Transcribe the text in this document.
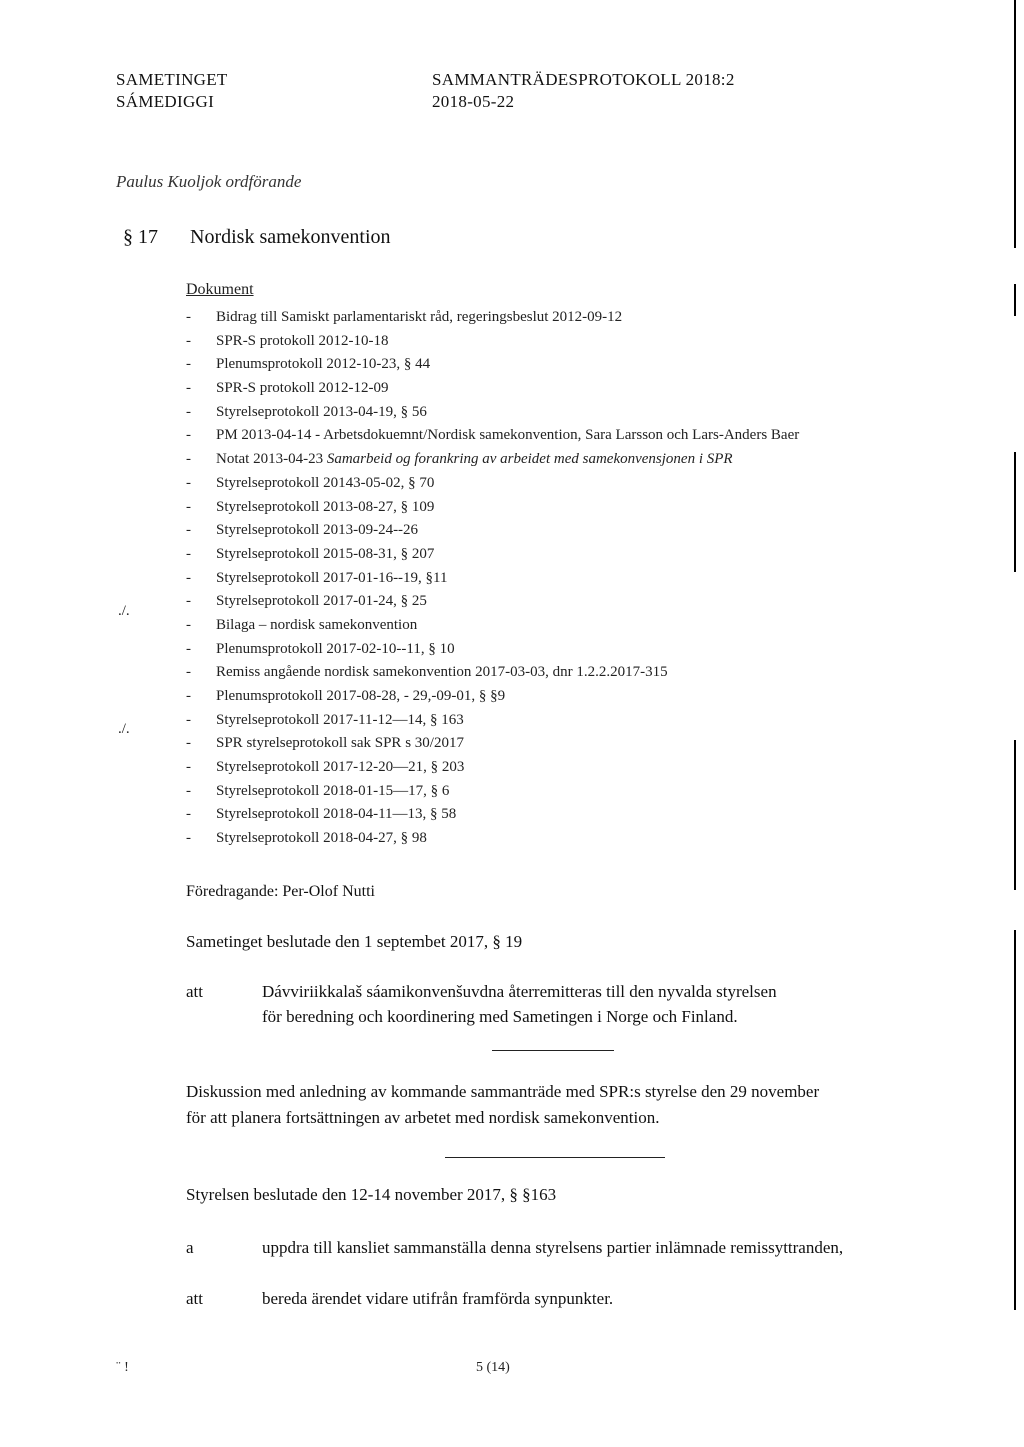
SAMETINGET
SÁMEDIGGI
SAMMANTRÄDESPROTOKOLL 2018:2
2018-05-22
Paulus Kuoljok ordförande
§ 17 Nordisk samekonvention
Dokument
- Bidrag till Samiskt parlamentariskt råd, regeringsbeslut 2012-09-12
- SPR-S protokoll 2012-10-18
- Plenumsprotokoll 2012-10-23, § 44
- SPR-S protokoll 2012-12-09
- Styrelseprotokoll 2013-04-19, § 56
- PM 2013-04-14 - Arbetsdokuemnt/Nordisk samekonvention, Sara Larsson och Lars-Anders Baer
- Notat 2013-04-23 Samarbeid og forankring av arbeidet med samekonvensjonen i SPR
- Styrelseprotokoll 20143-05-02, § 70
- Styrelseprotokoll 2013-08-27, § 109
- Styrelseprotokoll 2013-09-24--26
- Styrelseprotokoll 2015-08-31, § 207
- Styrelseprotokoll 2017-01-16--19, §11
- Styrelseprotokoll 2017-01-24, § 25
- Bilaga – nordisk samekonvention
- Plenumsprotokoll 2017-02-10--11, § 10
- Remiss angående nordisk samekonvention 2017-03-03, dnr 1.2.2.2017-315
- Plenumsprotokoll 2017-08-28, - 29,-09-01, § §9
- Styrelseprotokoll 2017-11-12—14, § 163
- SPR styrelseprotokoll sak SPR s 30/2017
- Styrelseprotokoll 2017-12-20—21, § 203
- Styrelseprotokoll 2018-01-15—17, § 6
- Styrelseprotokoll 2018-04-11—13, § 58
- Styrelseprotokoll 2018-04-27, § 98
./.
./.
Föredragande: Per-Olof Nutti
Sametinget beslutade den 1 septembet 2017, § 19
att	Dávviriikkalaš sáamikonvenšuvdna återremitteras till den nyvalda styrelsen
för beredning och koordinering med Sametingen i Norge och Finland.
Diskussion med anledning av kommande sammanträde med SPR:s styrelse den 29 november
för att planera fortsättningen av arbetet med nordisk samekonvention.
Styrelsen beslutade den 12-14 november 2017, § §163
a	uppdra till kansliet sammanställa denna styrelsens partier inlämnade remissyttranden,
att	bereda ärendet vidare utifrån framförda synpunkter.
¨ !	5 (14)
